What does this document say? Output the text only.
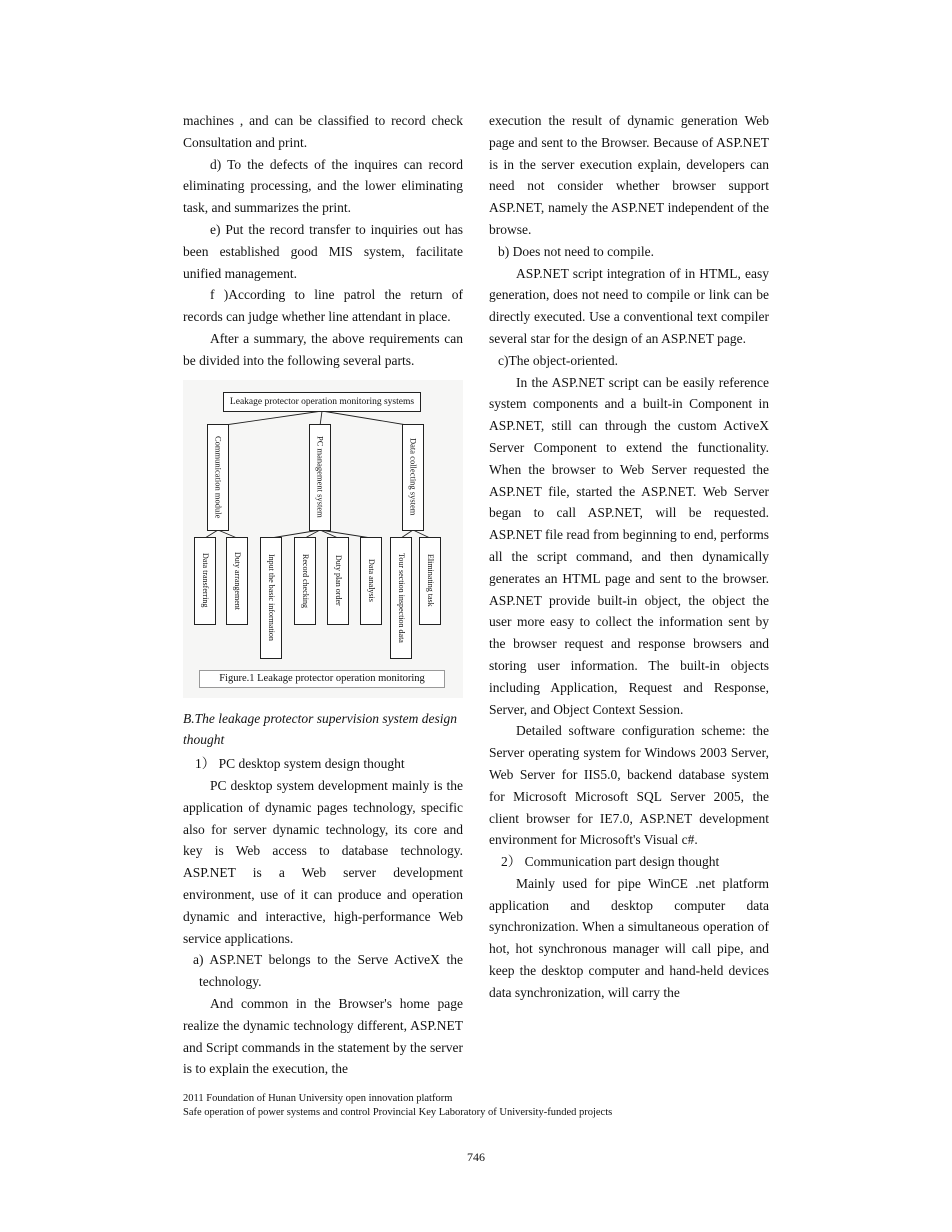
machines , and can be classified to record check Consultation and print.

d) To the defects of the inquires can record eliminating processing, and the lower eliminating task, and summarizes the print.

e) Put the record transfer to inquiries out has been established good MIS system, facilitate unified management.

f )According to line patrol the return of records can judge whether line attendant in place.

After a summary, the above requirements can be divided into the following several parts.

Leakage protector operation monitoring systems
Communication module	PC management system	Data collecting system
Data transferring	Duty arrangement	Input the basic information	Record checking	Duty plan order	Data analysis	Tour section inspection data	Eliminating task
Figure.1 Leakage protector operation monitoring

B.The leakage protector supervision system design thought

1） PC desktop system design thought

PC desktop system development mainly is the application of dynamic pages technology, specific also for server dynamic technology, its core and key is Web access to database technology. ASP.NET is a Web server development environment, use of it can produce and operation dynamic and interactive, high-performance Web service applications.

a) ASP.NET belongs to the Serve ActiveX the technology.

And common in the Browser's home page realize the dynamic technology different, ASP.NET and Script commands in the statement by the server is to explain the execution, the

execution the result of dynamic generation Web page and sent to the Browser. Because of ASP.NET is in the server execution explain, developers can need not consider whether browser support ASP.NET, namely the ASP.NET independent of the browse.

b) Does not need to compile.

ASP.NET script integration of in HTML, easy generation, does not need to compile or link can be directly executed. Use a conventional text compiler several star for the design of an ASP.NET page.

c)The object-oriented.

In the ASP.NET script can be easily reference system components and a built-in Component in ASP.NET, still can through the custom ActiveX Server Component to extend the functionality. When the browser to Web Server requested the ASP.NET file, started the ASP.NET. Web Server began to call ASP.NET, will be requested. ASP.NET file read from beginning to end, performs all the script command, and then dynamically generates an HTML page and sent to the browser. ASP.NET provide built-in object, the object the user more easy to collect the information sent by the browser request and response browsers and storing user information. The built-in objects including Application, Request and Response, Server, and Object Context Session.

Detailed software configuration scheme: the Server operating system for Windows 2003 Server, Web Server for IIS5.0, backend database system for Microsoft Microsoft SQL Server 2005, the client browser for IE7.0, ASP.NET development environment for Microsoft's Visual c#.

2） Communication part design thought

Mainly used for pipe WinCE .net platform application and desktop computer data synchronization. When a simultaneous operation of hot, hot synchronous manager will call pipe, and keep the desktop computer and hand-held devices data synchronization, will carry the

2011 Foundation of Hunan University open innovation platform
Safe operation of power systems and control Provincial Key Laboratory of University-funded projects
746
